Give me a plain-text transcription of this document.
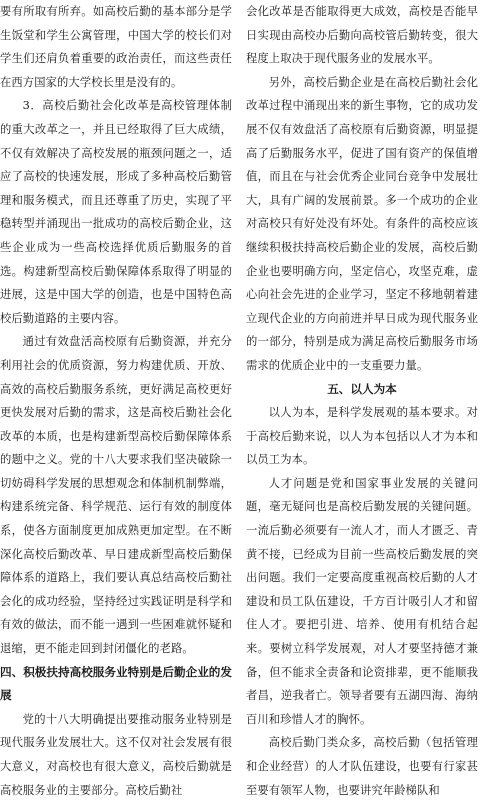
要有所取有所弃。如高校后勤的基本部分是学生饭堂和学生公寓管理，中国大学的校长们对学生们还肩负着重要的政治责任，而这些责任在西方国家的大学校长里是没有的。

3．高校后勤社会化改革是高校管理体制的重大改革之一，并且已经取得了巨大成绩，不仅有效解决了高校发展的瓶颈问题之一，适应了高校的快速发展，形成了多种高校后勤管理和服务模式，而且还尊重了历史，实现了平稳转型并涌现出一批成功的高校后勤企业，这些企业成为一些高校选择优质后勤服务的首选。构建新型高校后勤保障体系取得了明显的进展，这是中国大学的创造，也是中国特色高校后勤道路的主要内容。

通过有效盘活高校原有后勤资源，并充分利用社会的优质资源，努力构建优质、开放、高效的高校后勤服务系统，更好满足高校更好更快发展对后勤的需求，这是高校后勤社会化改革的本质，也是构建新型高校后勤保障体系的题中之义。党的十八大要求我们坚决破除一切妨碍科学发展的思想观念和体制机制弊端，构建系统完备、科学规范、运行有效的制度体系，使各方面制度更加成熟更加定型。在不断深化高校后勤改革、早日建成新型高校后勤保障体系的道路上，我们要认真总结高校后勤社会化的成功经验，坚持经过实践证明是科学和有效的做法，而不能一遇到一些困难就怀疑和退缩，更不能走回到封闭僵化的老路。

四、积极扶持高校服务业特别是后勤企业的发展

党的十八大明确提出要推动服务业特别是现代服务业发展壮大。这不仅对社会发展有很大意义，对高校也有很大意义，高校后勤就是高校服务业的主要部分。高校后勤社

会化改革是否能取得更大成效，高校是否能早日实现由高校办后勤向高校管后勤转变，很大程度上取决于现代服务业的发展水平。

另外，高校后勤企业是在高校后勤社会化改革过程中涌现出来的新生事物，它的成功发展不仅有效盘活了高校原有后勤资源，明显提高了后勤服务水平，促进了国有资产的保值增值，而且在与社会优秀企业同台竞争中发展壮大，具有广阔的发展前景。多一个成功的企业对高校只有好处没有坏处。有条件的高校应该继续积极扶持高校后勤企业的发展，高校后勤企业也要明确方向，坚定信心，攻坚克难，虚心向社会先进的企业学习，坚定不移地朝着建立现代企业的方向前进并早日成为现代服务业的一部分，特别是成为满足高校后勤服务市场需求的优质企业中的一支重要力量。

五、以人为本

以人为本，是科学发展观的基本要求。对于高校后勤来说，以人为本包括以人才为本和以员工为本。

人才问题是党和国家事业发展的关键问题，毫无疑问也是高校后勤发展的关键问题。一流后勤必须要有一流人才，而人才匮乏、青黄不接，已经成为目前一些高校后勤发展的突出问题。我们一定要高度重视高校后勤的人才建设和员工队伍建设，千方百计吸引人才和留住人才。要把引进、培养、使用有机结合起来。要树立科学发展观，对人才要坚持德才兼备，但不能求全责备和论资排辈，更不能顺我者昌，逆我者亡。领导者要有五湖四海、海纳百川和珍惜人才的胸怀。

高校后勤门类众多，高校后勤（包括管理和企业经营）的人才队伍建设，也要有行家甚至要有领军人物，也要讲究年龄梯队和
